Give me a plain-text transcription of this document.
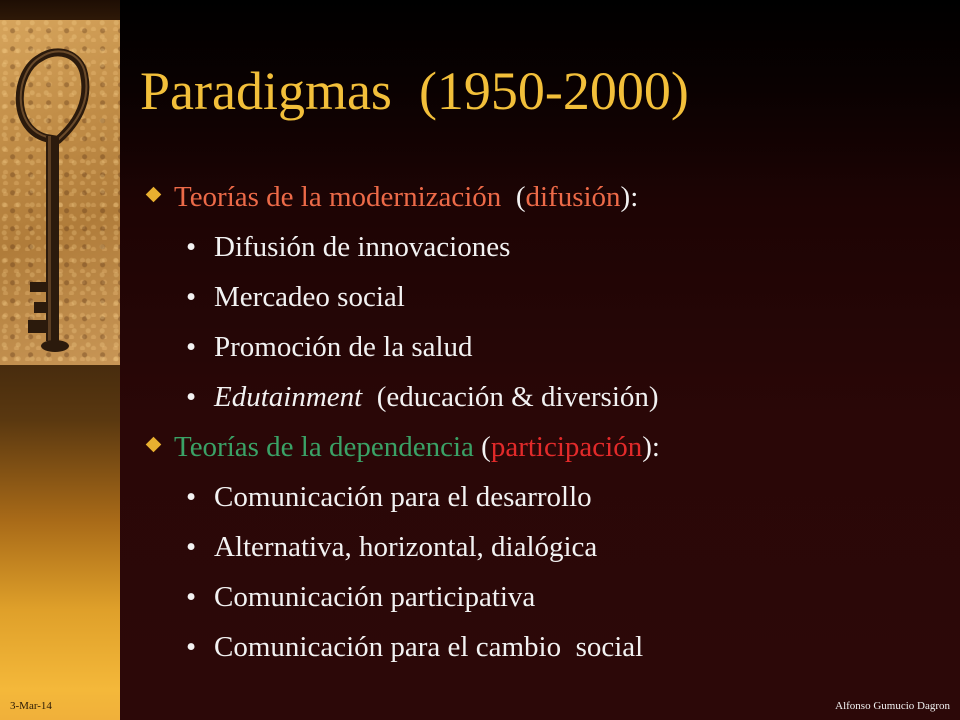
Paradigmas  (1950-2000)

Teorías de la modernización  (difusión):

•

Difusión de innovaciones

•

Mercadeo social

•

Promoción de la salud

•

Edutainment  (educación & diversión)

Teorías de la dependencia (participación):

•

Comunicación para el desarrollo

•

Alternativa, horizontal, dialógica

•

Comunicación participativa

•

Comunicación para el cambio  social

3-Mar-14	Alfonso Gumucio Dagron
